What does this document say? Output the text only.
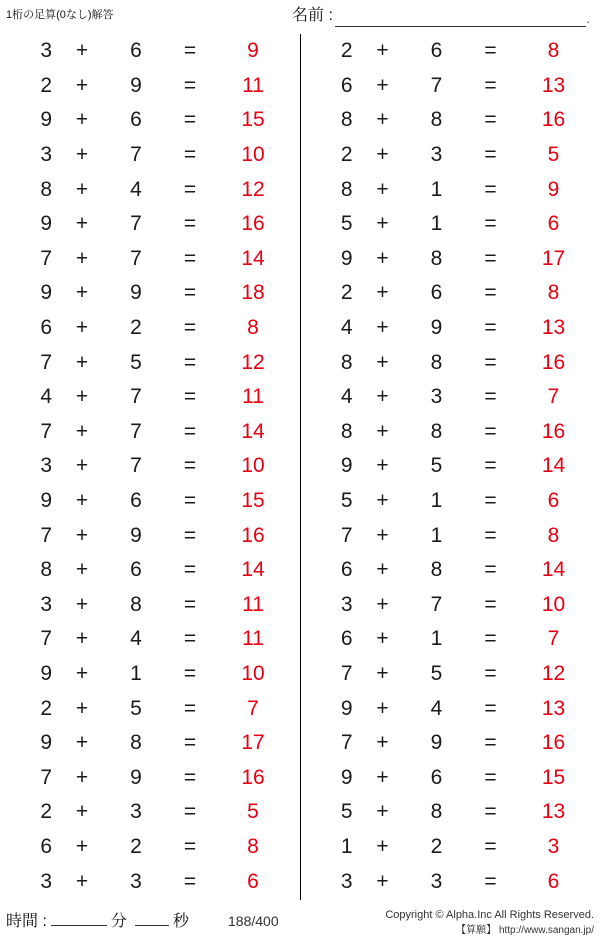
1桁の足算(0なし)解答	名前 :	.
3	+	6	=	9
2	+	9	=	11
9	+	6	=	15
3	+	7	=	10
8	+	4	=	12
9	+	7	=	16
7	+	7	=	14
9	+	9	=	18
6	+	2	=	8
7	+	5	=	12
4	+	7	=	11
7	+	7	=	14
3	+	7	=	10
9	+	6	=	15
7	+	9	=	16
8	+	6	=	14
3	+	8	=	11
7	+	4	=	11
9	+	1	=	10
2	+	5	=	7
9	+	8	=	17
7	+	9	=	16
2	+	3	=	5
6	+	2	=	8
3	+	3	=	6
2	+	6	=	8
6	+	7	=	13
8	+	8	=	16
2	+	3	=	5
8	+	1	=	9
5	+	1	=	6
9	+	8	=	17
2	+	6	=	8
4	+	9	=	13
8	+	8	=	16
4	+	3	=	7
8	+	8	=	16
9	+	5	=	14
5	+	1	=	6
7	+	1	=	8
6	+	8	=	14
3	+	7	=	10
6	+	1	=	7
7	+	5	=	12
9	+	4	=	13
7	+	9	=	16
9	+	6	=	15
5	+	8	=	13
1	+	2	=	3
3	+	3	=	6
時間 :	分	秒	188/400	Copyright © Alpha.Inc All Rights Reserved.
【算願】 http://www.sangan.jp/
